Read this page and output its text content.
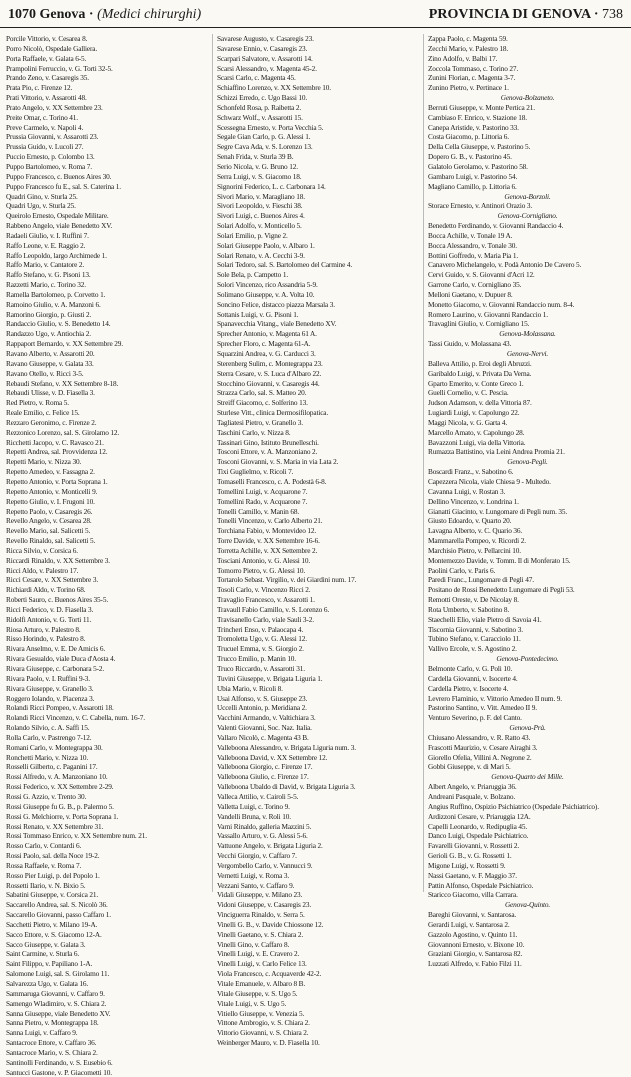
1070 Genova · (Medici chirurghi)	PROVINCIA DI GENOVA · 738
Porcile Vittorio, v. Cesarea 8.
Porro Nicolò, Ospedale Galliera.
Porta Raffaele, v. Galata 6-5.
Prampolini Ferruccio, v. G. Torti 32-5.
Prando Zeno, v. Casaregis 35.
Prata Pio, c. Firenze 12.
Prati Vittorio, v. Assarotti 48.
Prato Angelo, v. XX Settembre 23.
Preite Omar, c. Torino 41.
Preve Carmelo, v. Napoli 4.
Prussia Giovanni, v. Assarotti 23.
Prussia Guido, v. Lucoli 27.
Puccio Ernesto, p. Colombo 13.
Puppo Bartolomeo, v. Roma 7.
Puppo Francesco, c. Buenos Aires 30.
Puppo Francesco fu E., sal. S. Caterina 1.
Quadri Gino, v. Sturla 25.
Quadri Ugo, v. Sturla 25.
Queirolo Ernesto, Ospedale Militare.
Rabbeno Angelo, viale Benedetto XV.
Radaeli Giulio, v. I. Ruffini 7.
Raffo Leone, v. E. Raggio 2.
Raffo Leopoldo, largo Archimede 1.
Raffo Mario, v. Cantatore 2.
Raffo Stefano, v. G. Pisoni 13.
Razzetti Mario, c. Torino 32.
Ramella Bartolomeo, p. Corvetto 1.
Ramoino Giulio, v. A. Manzoni 6.
Ramorino Giorgio, p. Giusti 2.
Randaccio Giulio, v. S. Benedetto 14.
Randazzo Ugo, v. Antiochia 2.
Rappaport Bernardo, v. XX Settembre 29.
Ravano Alberto, v. Assarotti 20.
Ravano Giuseppe, v. Galata 33.
Ravano Otello, v. Ricci 3-5.
Rebaudi Stefano, v. XX Settembre 8-18.
Rebaudi Ulisse, v. D. Fiasella 3.
Red Pietro, v. Roma 5.
Reale Emilio, c. Felice 15.
Rezzaro Geronimo, c. Firenze 2.
Rezzonico Lorenzo, sal. S. Girolamo 12.
Ricchetti Jacopo, v. C. Ravasco 21.
Repetti Andrea, sal. Provvidenza 12.
Repetti Mario, v. Nizza 30.
Repetto Amedeo, v. Fassagna 2.
Repetto Antonio, v. Porta Soprana 1.
Repetto Antonio, v. Monticelli 9.
Repetto Giulio, v. I. Frugoni 10.
Repetto Paolo, v. Casaregis 26.
Revello Angelo, v. Cesarea 28.
Revello Mario, sal. Salicetti 5.
Revello Rinaldo, sal. Salicetti 5.
Ricca Silvio, v. Corsica 6.
Riccardi Rinaldo, v. XX Settembre 3.
Ricci Aldo, v. Palestro 17.
Ricci Cesare, v. XX Settembre 3.
Richiardi Aldo, v. Torino 68.
Roberti Sauro, c. Buenos Aires 35-5.
Ricci Federico, v. D. Fiasella 3.
Ridolfi Antonio, v. G. Torti 11.
Riosa Arturo, v. Palestro 8.
Risso Horindo, v. Palestro 8.
Rivara Anselmo, v. E. De Amicis 6.
Rivara Gesualdo, viale Duca d'Aosta 4.
Rivara Giuseppe, c. Carbonara 5-2.
Rivara Paolo, v. I. Ruffini 9-3.
Rivara Giuseppe, v. Granello 3.
Roggero Iolando, v. Piacenza 3.
Rolandi Ricci Pompeo, v. Assarotti 18.
Rolandi Ricci Vincenzo, v. C. Cabella, num. 16-7.
Rolando Silvio, c. A. Saffi 15.
Rolla Carlo, v. Pastrengo 7-12.
Romani Carlo, v. Montegrappa 30.
Ronchetti Mario, v. Nizza 10.
Rosselli Gilberto, c. Paganini 17.
Rossi Alfredo, v. A. Manzoniano 10.
Rossi Federico, v. XX Settembre 2-29.
Rossi G. Azzio, v. Trento 30.
Rossi Giuseppe fu G. B., p. Palermo 5.
Rossi G. Melchiorre, v. Porta Soprana 1.
Rossi Renato, v. XX Settembre 31.
Rossi Tommaso Enrico, v. XX Settembre num. 21.
Rosso Carlo, v. Contardi 6.
Rossi Paolo, sal. della Noce 19-2.
Rossa Raffaele, v. Roma 7.
Rosso Pier Luigi, p. del Popolo 1.
Rossetti Ilario, v. N. Bixio 5.
Sabatini Giuseppe, v. Corsica 21.
Saccarello Andrea, sal. S. Nicolò 36.
Saccarello Giovanni, passo Caffaro 1.
Sacchetti Pietro, v. Milano 19-A.
Sacco Ettore, v. S. Giacomo 12-A.
Sacco Giuseppe, v. Galata 3.
Saint Carmine, v. Sturla 6.
Saint Filippo, v. Papiliano 1-A.
Salomone Luigi, sal. S. Girolamo 11.
Salvarezza Ugo, v. Galata 16.
Sammaruga Giovanni, v. Caffaro 9.
Samengo Wladimiro, v. S. Chiara 2.
Sanna Giuseppe, viale Benedetto XV.
Sanna Pietro, v. Montegrappa 18.
Sanna Luigi, v. Caffaro 9.
Santacroce Ettore, v. Caffaro 36.
Santacroce Mario, v. S. Chiara 2.
Santinolli Ferdinando, v. S. Eusebio 6.
Santucci Gastone, v. P. Giacometti 10.
Savarese Augusto, v. Casaregis 23.
Savarese Ennio, v. Casaregis 23.
Scarpari Salvatore, v. Assarotti 14.
Scarsi Alessandro, v. Magenta 45-2.
Scarsi Carlo, c. Magenta 45.
Schiaffino Lorenzo, v. XX Settembre 10.
Schizzi Erredo, c. Ugo Bassi 10.
Schonfeld Rosa, p. Raibetta 2.
Schwarz Wolf., v. Assarotti 15.
Scessegna Ernesto, v. Porta Vecchia 5.
Segale Gian Carlo, p. G. Alessi 1.
Segre Cava Ada, v. S. Lorenzo 13.
Senah Frida, v. Sturla 39 B.
Serio Nicola, v. G. Bruno 12.
Serra Luigi, v. S. Giacomo 18.
Signorini Federico, L. c. Carbonara 14.
Sivori Mario, v. Maragliano 18.
Sivori Leopoldo, v. Fieschi 38.
Sivori Luigi, c. Buenos Aires 4.
Solari Adolfo, v. Monticello 5.
Solari Emilio, p. Vigne 2.
Solari Giuseppe Paolo, v. Albaro 1.
Solari Renato, v. A. Cecchi 3-9.
Solari Tedoro, sal. S. Bartolomeo del Carmine 4.
Sole Bela, p. Campetto 1.
Solori Vincenzo, rico Assandria 5-9.
Solimano Giuseppe, v. A. Volta 10.
Soncino Felice, distacco piazza Marsala 3.
Sottanis Luigi, v. G. Pisoni 1.
Spanavecchia Vitang., viale Benedetto XV.
Sprecher Antonio, v. Magenta 61 A.
Sprecher Floro, c. Magenta 61-A.
Squarzini Andrea, v. G. Carducci 3.
Sterenberg Sulim, c. Montegrappa 23.
Sterra Cesare, v. S. Luca d'Albaro 22.
Stocchino Giovanni, v. Casaregis 44.
Strazza Carlo, sal. S. Matteo 20.
Streiff Giacomo, c. Solferino 13.
Sturlese Vitt., clinica Dermosifilopatica.
Tagliatesi Pietro, v. Granello 3.
Taschini Carlo, v. Nizza 8.
Tassinari Gino, Istituto Brunelleschi.
Tosconi Ettore, v. A. Manzoniano 2.
Tosconi Giovanni, v. S. Maria in via Lata 2.
Tixi Guglielmo, v. Ricoli 7.
Tomaselli Francesco, c. A. Podestà 6-8.
Tomellini Luigi, v. Acquarone 7.
Tomellini Rado, v. Acquarone 7.
Tonelli Camillo, v. Manin 68.
Tonelli Vincenzo, v. Carlo Alberto 21.
Torchiana Fabio, v. Montevideo 12.
Torre Davide, v. XX Settembre 16-6.
Torretta Achille, v. XX Settembre 2.
Tosciani Antonio, v. G. Alessi 10.
Tomorro Pietro, v. G. Alessi 10.
Tortarolo Sebast. Virgilio, v. dei Giardini num. 17.
Tosoli Carlo, v. Vincenzo Ricci 2.
Travaglio Francesco, v. Assarotti 1.
Travaull Fabio Camillo, v. S. Lorenzo 6.
Travisanello Carlo, viale Sauli 3-2.
Trincheri Enso, v. Palaocapa 4.
Tromoletta Ugo, v. G. Alessi 12.
Trucuel Emma, v. S. Giorgio 2.
Trucco Emilio, p. Manin 10.
Truco Riccardo, v. Assarotti 31.
Tuvini Giuseppe, v. Brigata Liguria 1.
Ubia Mario, v. Ricoli 8.
Usai Alfonso, v. S. Giuseppe 23.
Uccelli Antonio, p. Meridiana 2.
Vacchini Armando, v. Valtichiara 3.
Valenti Giovanni, Soc. Naz. Italia.
Vallaro Nicolò, c. Magenta 43 B.
Valleboona Alessandro, v. Brigata Liguria num. 3.
Valleboona David, v. XX Settembre 12.
Valleboona Giorgio, c. Firenze 17.
Valleboona Giulio, c. Firenze 17.
Valleboona Ubaldo di David, v. Brigata Liguria 3.
Valleca Attilio, v. Cairoli 5-5.
Valletta Luigi, c. Torino 9.
Vandelli Bruna, v. Roli 10.
Varni Rinaldo, galleria Mazzini 5.
Vassallo Arturo, v. G. Alessi 5-6.
Vattuone Angelo, v. Brigata Liguria 2.
Vecchi Giorgio, v. Caffaro 7.
Vergombello Carlo, v. Vannucci 9.
Vernetti Luigi, v. Roma 3.
Vezzani Santo, v. Caffaro 9.
Vidali Giuseppe, v. Milano 23.
Vidoni Giuseppe, v. Casaregis 23.
Vinciguerra Rinaldo, v. Serra 5.
Vinelli G. B., v. Davide Chiossone 12.
Vinelli Gaetano, v. S. Chiara 2.
Vinelli Gino, v. Caffaro 8.
Vinelli Luigi, v. E. Cravero 2.
Vinelli Luigi, v. Carlo Felice 13.
Viola Francesco, c. Acquaverde 42-2.
Vitale Emanuele, v. Albaro 8 B.
Vitale Giuseppe, v. S. Ugo 5.
Vitale Luigi, v. S. Ugo 5.
Vitiello Giuseppe, v. Venezia 5.
Vittone Ambrogio, v. S. Chiara 2.
Vittorio Giovanni, v. S. Chiara 2.
Weinberger Mauro, v. D. Fiasella 10.
Zappa Paolo, c. Magenta 59.
Zecchi Mario, v. Palestro 18.
Zino Adolfo, v. Balbi 17.
Zoccola Tommaso, c. Torino 27.
Zunini Florian, c. Magenta 3-7.
Zunino Pietro, v. Pertinace 1.
Genova-Bolzaneto.
Berruti Giuseppe, v. Monte Pertica 21.
Cambiaso F. Enrico, v. Stazione 18.
Canepa Aristide, v. Pastorino 33.
Costa Giacomo, p. Littoria 6.
Della Cella Giuseppe, v. Pastorino 5.
Dopero G. B., v. Pastorino 45.
Galatolo Gerolamo, v. Pastorino 58.
Gambaro Luigi, v. Pastorino 54.
Magliano Camillo, p. Littoria 6.
Genova-Borzoli.
Storace Ernesto, v. Antinori Orazio 3.
Genova-Cornigliano.
Benedetto Ferdinando, v. Giovanni Randaccio 4.
Bocca Achille, v. Tonale 19 A.
Bocca Alessandro, v. Tonale 30.
Bottini Goffredo, v. Maria Pia 1.
Canavero Michelangelo, v. Podà Antonio De Cavero 5.
Cervi Guido, v. S. Giovanni d'Acri 12.
Garrone Carlo, v. Cornigliano 35.
Melloni Gaetano, v. Dupuer 8.
Monetto Giacomo, v. Giovanni Randaccio num. 8-4.
Romero Laurino, v. Giovanni Randaccio 1.
Travaglini Giulio, v. Cornigliano 15.
Genova-Molassana.
Tassi Guido, v. Molassana 43.
Genova-Nervi.
Balleva Attilio, p. Eroi degli Abruzzi.
Garibaldo Luigi, v. Privata Da Verna.
Gparto Emerito, v. Conte Greco 1.
Guelli Cornelio, v. C. Pescia.
Judson Adamson, v. della Vittoria 87.
Lugiardi Luigi, v. Capolungo 22.
Maggi Nicola, v. G. Garta 4.
Marcello Amato, v. Capolungo 28.
Bavazzoni Luigi, via della Vittoria.
Rumazza Battistino, via Leini Andrea Promia 21.
Genova-Pegli.
Boscardi Franz., v. Sabotino 6.
Capezzera Nicola, viale Chiesa 9 - Multedo.
Cavanna Luigi, v. Rostan 3.
Dellino Vincenzo, v. Londrina 1.
Gianatti Giacinto, v. Lungomare di Pegli num. 35.
Giusto Edoardo, v. Quarto 20.
Lavagna Alberto, v. C. Quario 36.
Mammarella Pompeo, v. Ricordi 2.
Marchisio Pietro, v. Pellarcini 10.
Montemezzo Davide, v. Tomm. Il di Monferato 15.
Paolini Carlo, v. Paris 6.
Paredi Franc., Lungomare di Pegli 47.
Positano de Rossi Benedetto Lungomare di Pegli 53.
Remotti Oreste, v. De Nicolay 8.
Rota Umberto, v. Sabotino 8.
Staechelli Elio, viale Pietro di Savoia 41.
Tiscornia Giovanni, v. Sabotino 3.
Tubino Stefano, v. Caracciolo 11.
Vallivo Ercole, v. S. Agostino 2.
Genova-Pontedecimo.
Belmonte Carlo, v. G. Poli 10.
Cardella Giovanni, v. Isocerte 4.
Cardella Pietro, v. Isocerte 4.
Levrero Flaminio, v. Vittorio Amedeo II num. 9.
Pastorino Santino, v. Vitt. Amedeo II 9.
Venturo Severino, p. F. del Canto.
Genova-Prà.
Chiusano Alessandro, v. R. Ratto 43.
Frascotti Maurizio, v. Cesare Airaghi 3.
Giorello Ofelia, Villini A. Negrone 2.
Gobbi Giuseppe, v. di Mari 5.
Genova-Quarto dei Mille.
Albert Angelo, v. Priaruggia 36.
Andreani Pasquale, v. Bolzano.
Angius Ruffino, Ospizio Psichiatrico (Ospedale Psichiatrico).
Ardizzoni Cesare, v. Priaruggia 12A.
Capelli Leonardo, v. Redipuglia 45.
Danco Luigi, Ospedale Psichiatrico.
Favarelli Giovanni, v. Rossetti 2.
Gerioli G. B., v. G. Rossetti 1.
Migone Luigi, v. Rossetti 9.
Nassi Gaetano, v. F. Maggio 37.
Pattin Alfonso, Ospedale Psichiatrico.
Staricco Giacomo, villa Carrara.
Genova-Quinto.
Bareghi Giovanni, v. Santarosa.
Gerardi Luigi, v. Santarosa 2.
Gazzolo Agostino, v. Quinto 11.
Giovannoni Ernesto, v. Bixone 10.
Graziani Giorgio, v. Santarosa 82.
Luzzati Alfredo, v. Fabio Filzi 11.
